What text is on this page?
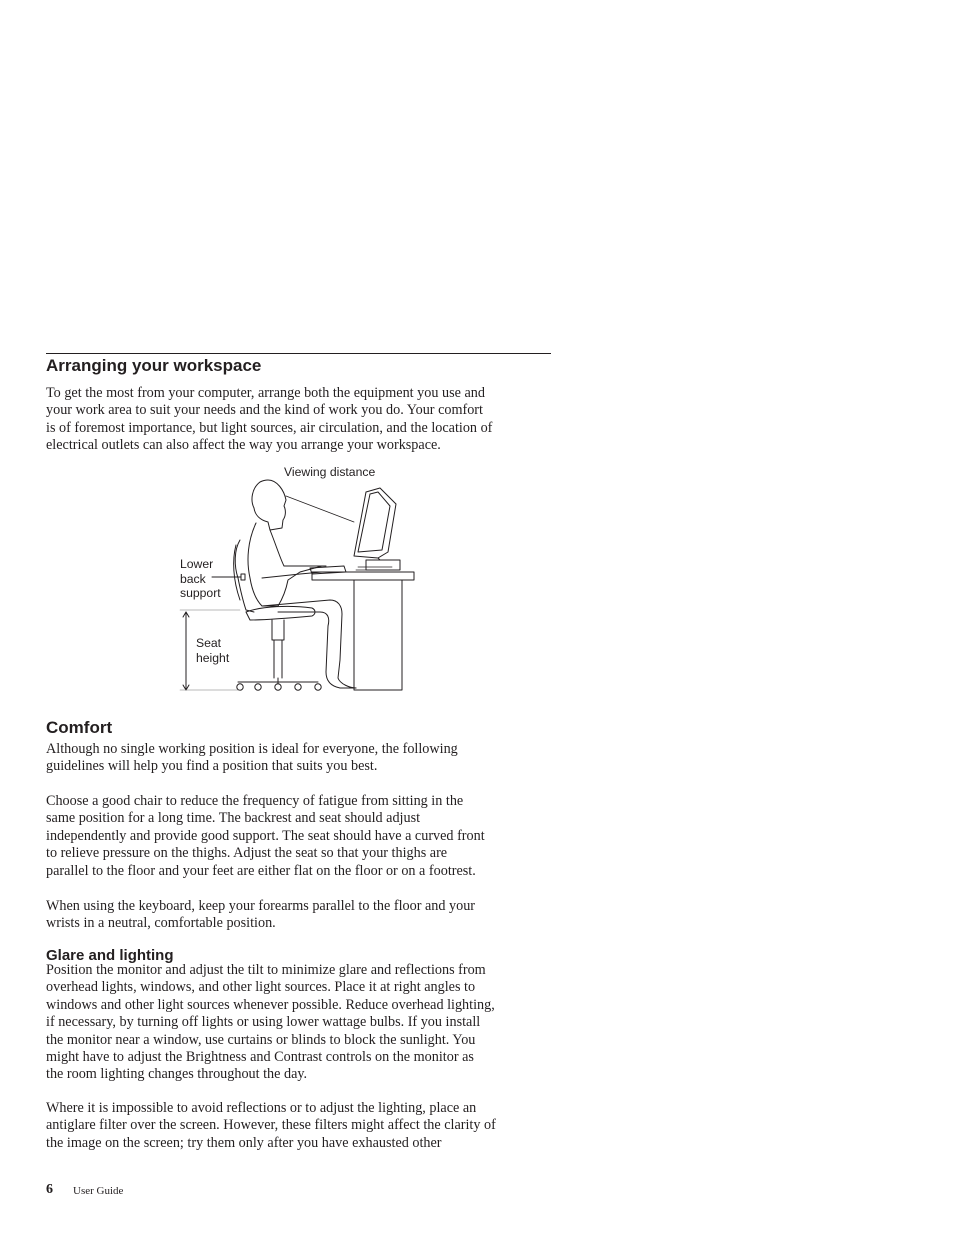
Arranging your workspace

To get the most from your computer, arrange both the equipment you use and
your work area to suit your needs and the kind of work you do. Your comfort
is of foremost importance, but light sources, air circulation, and the location of
electrical outlets can also affect the way you arrange your workspace.

Viewing distance
Lower
back
support
Seat
height
Comfort

Although no single working position is ideal for everyone, the following
guidelines will help you find a position that suits you best.

Choose a good chair to reduce the frequency of fatigue from sitting in the
same position for a long time. The backrest and seat should adjust
independently and provide good support. The seat should have a curved front
to relieve pressure on the thighs. Adjust the seat so that your thighs are
parallel to the floor and your feet are either flat on the floor or on a footrest.

When using the keyboard, keep your forearms parallel to the floor and your
wrists in a neutral, comfortable position.

Glare and lighting

Position the monitor and adjust the tilt to minimize glare and reflections from
overhead lights, windows, and other light sources. Place it at right angles to
windows and other light sources whenever possible. Reduce overhead lighting,
if necessary, by turning off lights or using lower wattage bulbs. If you install
the monitor near a window, use curtains or blinds to block the sunlight. You
might have to adjust the Brightness and Contrast controls on the monitor as
the room lighting changes throughout the day.

Where it is impossible to avoid reflections or to adjust the lighting, place an
antiglare filter over the screen. However, these filters might affect the clarity of
the image on the screen; try them only after you have exhausted other

6 User Guide
